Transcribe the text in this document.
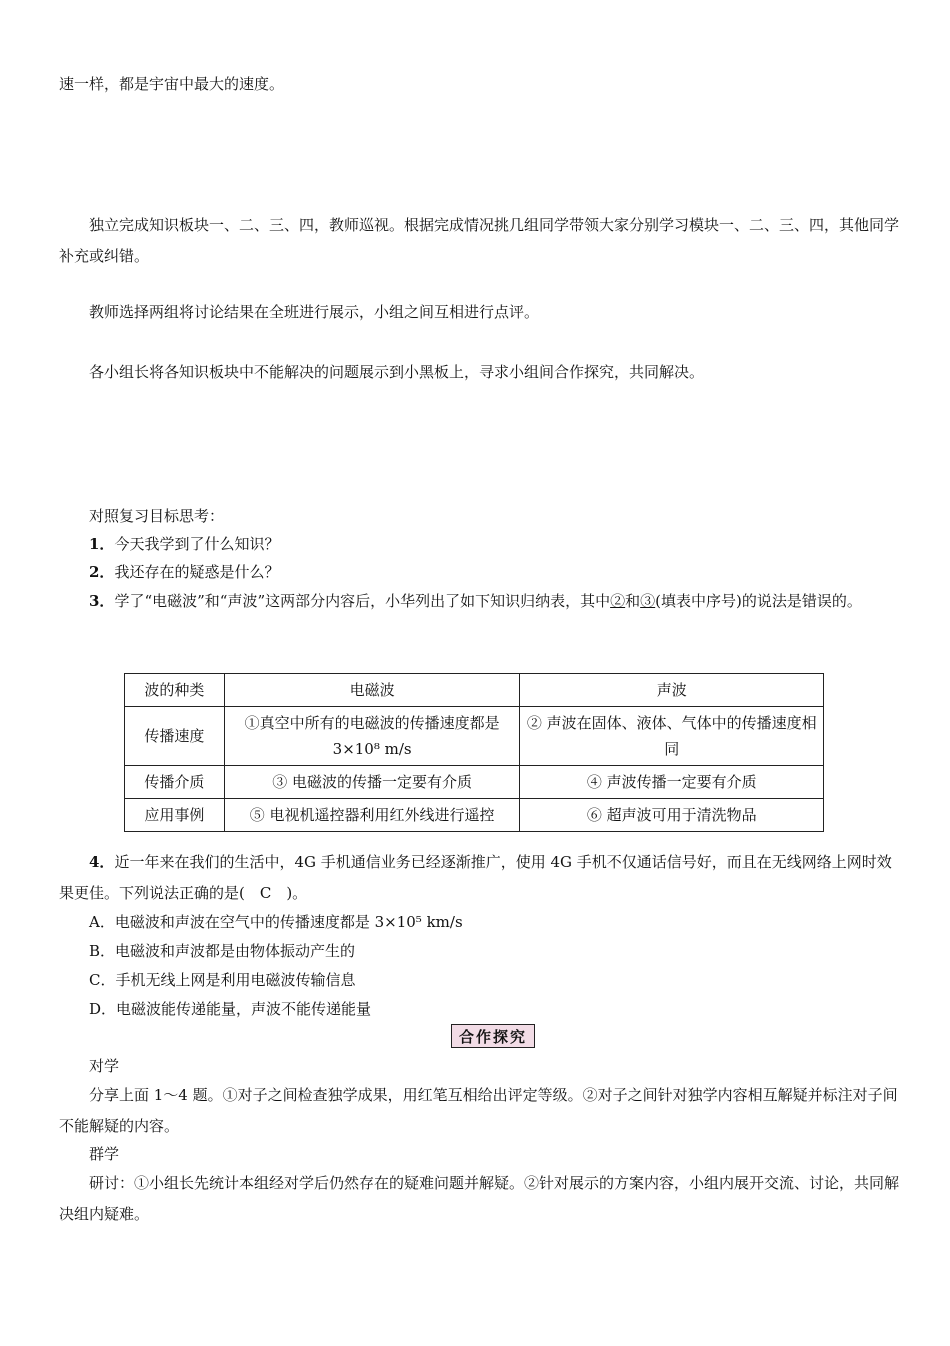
速一样，都是宇宙中最大的速度。
独立完成知识板块一、二、三、四，教师巡视。根据完成情况挑几组同学带领大家分别学习模块一、二、三、四，其他同学补充或纠错。
教师选择两组将讨论结果在全班进行展示，小组之间互相进行点评。
各小组长将各知识板块中不能解决的问题展示到小黑板上，寻求小组间合作探究，共同解决。
对照复习目标思考：
1．今天我学到了什么知识？
2．我还存在的疑惑是什么？
3．学了“电磁波”和“声波”这两部分内容后，小华列出了如下知识归纳表，其中②和③(填表中序号)的说法是错误的。
波的种类	电磁波	声波
传播速度	①真空中所有的电磁波的传播速度都是 3×10⁸ m/s	② 声波在固体、液体、气体中的传播速度相同
传播介质	③ 电磁波的传播一定要有介质	④ 声波传播一定要有介质
应用事例	⑤ 电视机遥控器利用红外线进行遥控	⑥ 超声波可用于清洗物品
4．近一年来在我们的生活中，4G 手机通信业务已经逐渐推广，使用 4G 手机不仅通话信号好，而且在无线网络上网时效果更佳。下列说法正确的是(　C　)。
A．电磁波和声波在空气中的传播速度都是 3×10⁵ km/s
B．电磁波和声波都是由物体振动产生的
C．手机无线上网是利用电磁波传输信息
D．电磁波能传递能量，声波不能传递能量
合作探究
对学
分享上面 1～4 题。①对子之间检查独学成果，用红笔互相给出评定等级。②对子之间针对独学内容相互解疑并标注对子间不能解疑的内容。
群学
研讨：①小组长先统计本组经对学后仍然存在的疑难问题并解疑。②针对展示的方案内容，小组内展开交流、讨论，共同解决组内疑难。
